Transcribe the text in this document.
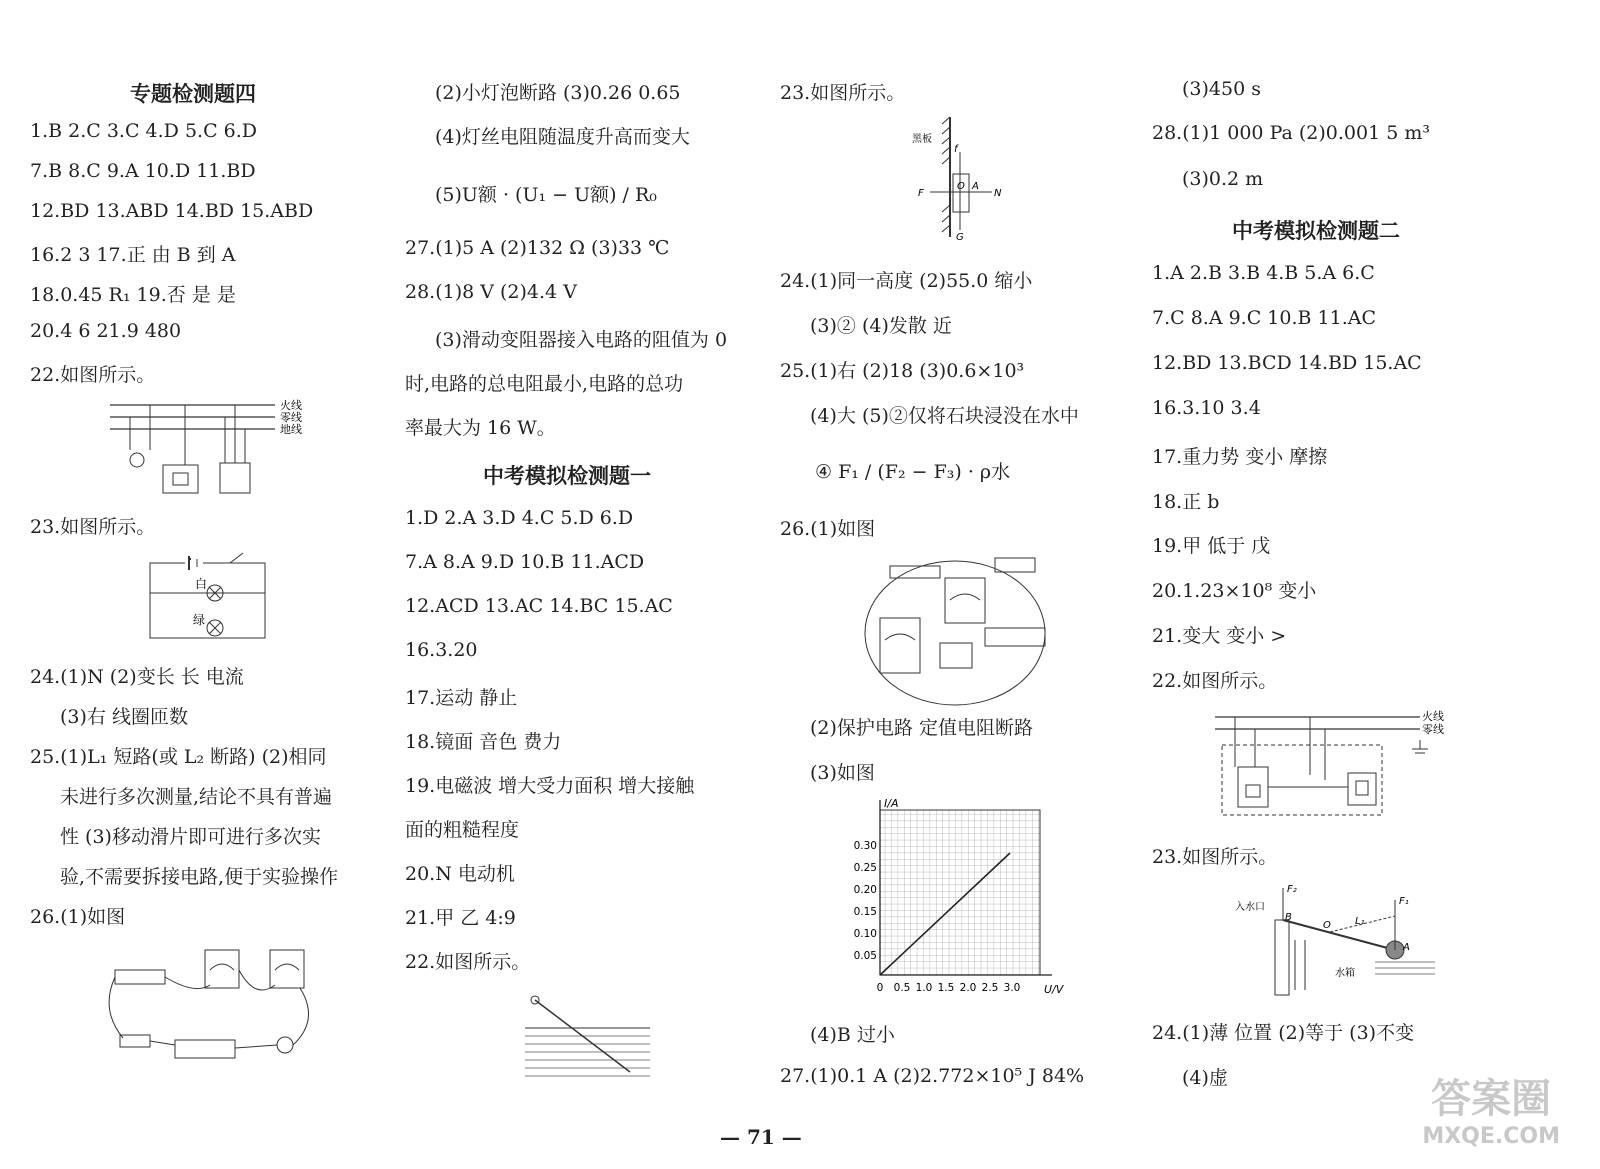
专题检测题四
1.B 2.C 3.C 4.D 5.C 6.D
7.B 8.C 9.A 10.D 11.BD
12.BD 13.ABD 14.BD 15.ABD
16.2 3 17.正 由 B 到 A
18.0.45 R₁ 19.否 是 是
20.4 6 21.9 480
22.如图所示。
火线
零线
地线
23.如图所示。
白
绿
24.(1)N (2)变长 长 电流
(3)右 线圈匝数
25.(1)L₁ 短路(或 L₂ 断路) (2)相同
未进行多次测量,结论不具有普遍
性 (3)移动滑片即可进行多次实
验,不需要拆接电路,便于实验操作
26.(1)如图
(2)小灯泡断路 (3)0.26 0.65
(4)灯丝电阻随温度升高而变大
(5)U额 · (U₁ − U额) / R₀
27.(1)5 A (2)132 Ω (3)33 ℃
28.(1)8 V (2)4.4 V
(3)滑动变阻器接入电路的阻值为 0
时,电路的总电阻最小,电路的总功
率最大为 16 W。
中考模拟检测题一
1.D 2.A 3.D 4.C 5.D 6.D
7.A 8.A 9.D 10.B 11.ACD
12.ACD 13.AC 14.BC 15.AC
16.3.20
17.运动 静止
18.镜面 音色 费力
19.电磁波 增大受力面积 增大接触
面的粗糙程度
20.N 电动机
21.甲 乙 4:9
22.如图所示。
23.如图所示。
黑板
f
F
O A
N
G
24.(1)同一高度 (2)55.0 缩小
(3)② (4)发散 近
25.(1)右 (2)18 (3)0.6×10³
(4)大 (5)②仅将石块浸没在水中
④ F₁ / (F₂ − F₃) · ρ水
26.(1)如图
(2)保护电路 定值电阻断路
(3)如图
I/A
U/V
0.30
0.25
0.20
0.15
0.10
0.05
0 0.5 1.0 1.5 2.0 2.5 3.0
(4)B 过小
27.(1)0.1 A (2)2.772×10⁵ J 84%
(3)450 s
28.(1)1 000 Pa (2)0.001 5 m³
(3)0.2 m
中考模拟检测题二
1.A 2.B 3.B 4.B 5.A 6.C
7.C 8.A 9.C 10.B 11.AC
12.BD 13.BCD 14.BD 15.AC
16.3.10 3.4
17.重力势 变小 摩擦
18.正 b
19.甲 低于 戊
20.1.23×10⁸ 变小
21.变大 变小 >
22.如图所示。
火线
零线
23.如图所示。
F₂
B
O L₁
F₁
入水口
A
水箱
24.(1)薄 位置 (2)等于 (3)不变
(4)虚
— 71 —
答案圈
MXQE.COM
